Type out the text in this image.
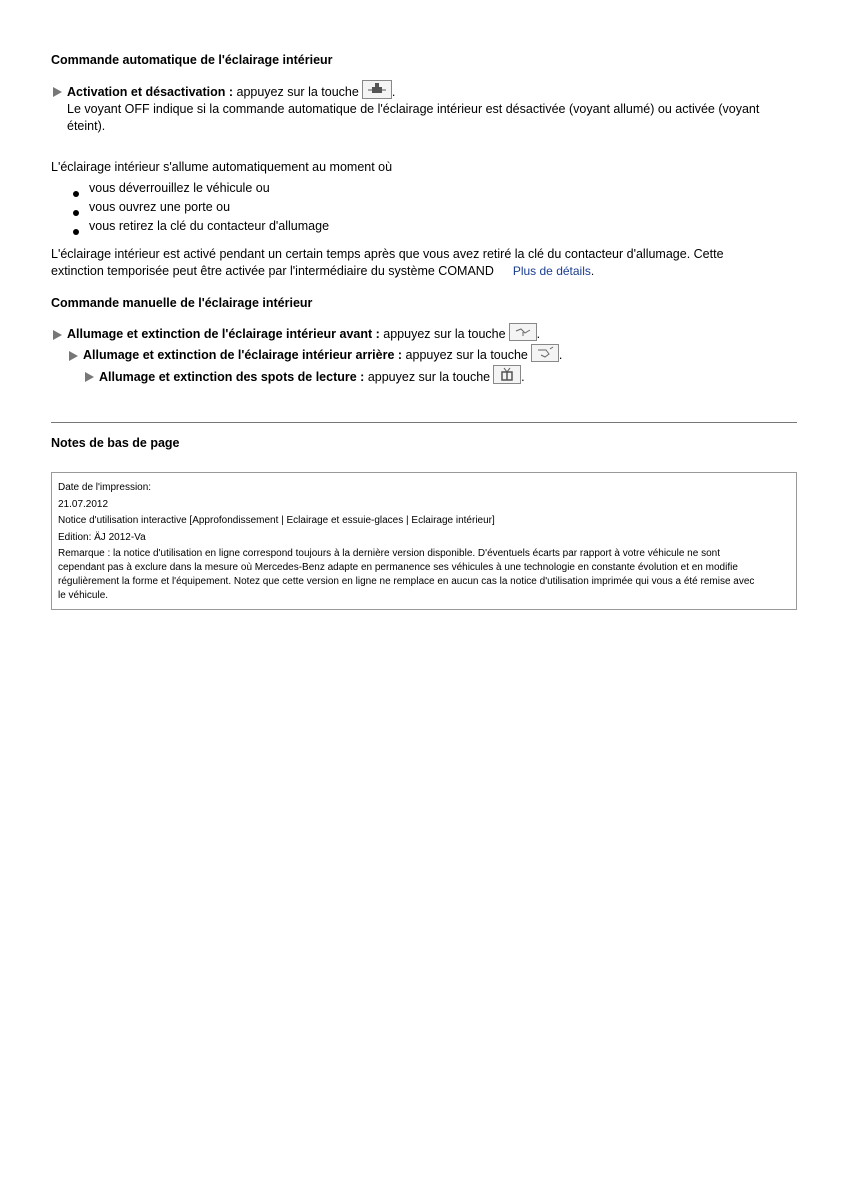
Commande automatique de l'éclairage intérieur
Activation et désactivation : appuyez sur la touche	.
Le voyant OFF indique si la commande automatique de l'éclairage intérieur est désactivée (voyant allumé) ou activée (voyant éteint).
L'éclairage intérieur s'allume automatiquement au moment où
vous déverrouillez le véhicule ou
vous ouvrez une porte ou
vous retirez la clé du contacteur d'allumage
L'éclairage intérieur est activé pendant un certain temps après que vous avez retiré la clé du contacteur d'allumage. Cette
extinction temporisée peut être activée par l'intermédiaire du système COMAND Plus de détails.
Commande manuelle de l'éclairage intérieur
Allumage et extinction de l'éclairage intérieur avant : appuyez sur la touche .
Allumage et extinction de l'éclairage intérieur arrière : appuyez sur la touche .
Allumage et extinction des spots de lecture : appuyez sur la touche .
Notes de bas de page
Date de l'impression:
21.07.2012
Notice d'utilisation interactive [Approfondissement | Eclairage et essuie-glaces | Eclairage intérieur]
Edition: ÄJ 2012-Va
Remarque : la notice d'utilisation en ligne correspond toujours à la dernière version disponible. D'éventuels écarts par rapport à votre véhicule ne sont
cependant pas à exclure dans la mesure où Mercedes-Benz adapte en permanence ses véhicules à une technologie en constante évolution et en modifie
régulièrement la forme et l'équipement. Notez que cette version en ligne ne remplace en aucun cas la notice d'utilisation imprimée qui vous a été remise avec
le véhicule.
